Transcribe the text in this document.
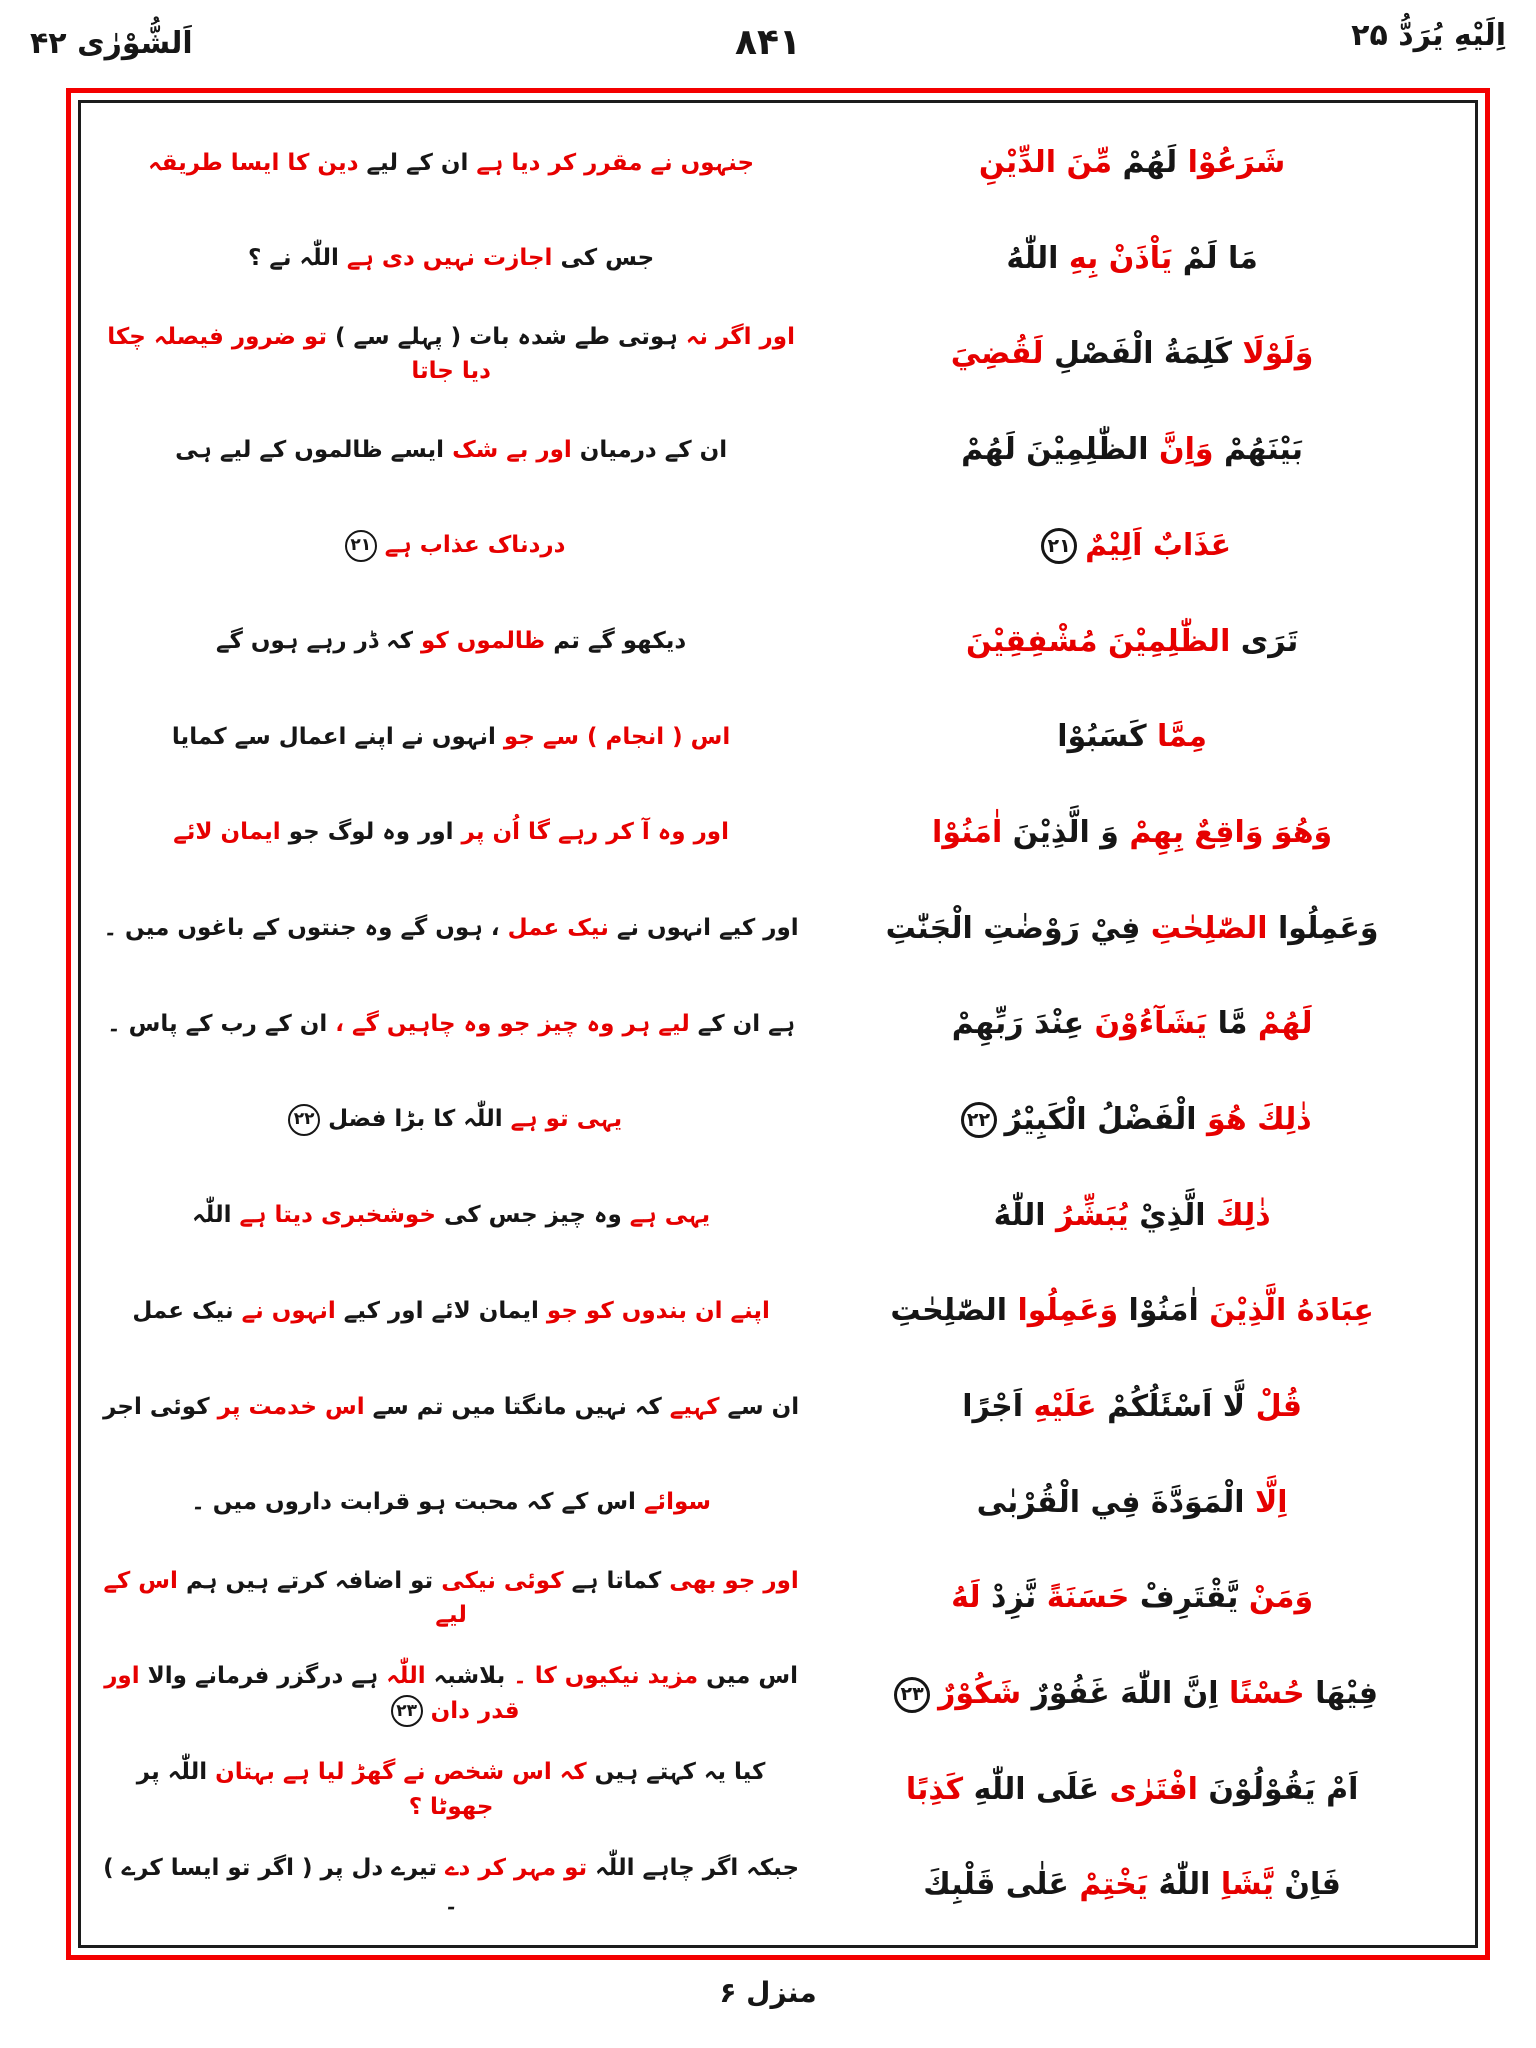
اَلشُّوْرٰى ۴۲	۸۴۱	اِلَيْهِ يُرَدُّ ۲۵
جنہوں نے مقرر کر دیا ہے ان کے لیے دین کا ایسا طریقہ	شَرَعُوْا لَهُمْ مِّنَ الدِّيْنِ
جس کی اجازت نہیں دی ہے اللّٰہ نے ؟	مَا لَمْ يَاْذَنْ بِهِ اللّٰهُ
اور اگر نہ ہوتی طے شدہ بات ( پہلے سے ) تو ضرور فیصلہ چکا دیا جاتا	وَلَوْلَا كَلِمَةُ الْفَصْلِ لَقُضِيَ
ان کے درمیان اور بے شک ایسے ظالموں کے لیے ہی	بَيْنَهُمْ وَاِنَّ الظّٰلِمِيْنَ لَهُمْ
دردناک عذاب ہے۲۱	عَذَابٌ اَلِيْمٌ۲۱
دیکھو گے تم ظالموں کو کہ ڈر رہے ہوں گے	تَرَى الظّٰلِمِيْنَ مُشْفِقِيْنَ
اس ( انجام ) سے جو انہوں نے اپنے اعمال سے کمایا	مِمَّا كَسَبُوْا
اور وہ آ کر رہے گا اُن پر اور وہ لوگ جو ایمان لائے	وَهُوَ وَاقِعٌ بِهِمْ وَ الَّذِيْنَ اٰمَنُوْا
اور کیے انہوں نے نیک عمل ، ہوں گے وہ جنتوں کے باغوں میں ۔	وَعَمِلُوا الصّٰلِحٰتِ فِيْ رَوْضٰتِ الْجَنّٰتِ
ہے ان کے لیے ہر وہ چیز جو وہ چاہیں گے ، ان کے رب کے پاس ۔	لَهُمْ مَّا يَشَآءُوْنَ عِنْدَ رَبِّهِمْ
یہی تو ہے اللّٰہ کا بڑا فضل۲۲	ذٰلِكَ هُوَ الْفَضْلُ الْكَبِيْرُ۲۲
یہی ہے وہ چیز جس کی خوشخبری دیتا ہے اللّٰہ	ذٰلِكَ الَّذِيْ يُبَشِّرُ اللّٰهُ
اپنے ان بندوں کو جو ایمان لائے اور کیے انہوں نے نیک عمل	عِبَادَهُ الَّذِيْنَ اٰمَنُوْا وَعَمِلُوا الصّٰلِحٰتِ
ان سے کہیے کہ نہیں مانگتا میں تم سے اس خدمت پر کوئی اجر	قُلْ لَّا اَسْئَلُكُمْ عَلَيْهِ اَجْرًا
سوائے اس کے کہ محبت ہو قرابت داروں میں ۔	اِلَّا الْمَوَدَّةَ فِي الْقُرْبٰى
اور جو بھی کماتا ہے کوئی نیکی تو اضافہ کرتے ہیں ہم اس کے لیے	وَمَنْ يَّقْتَرِفْ حَسَنَةً نَّزِدْ لَهُ
اس میں مزید نیکیوں کا ۔ بلاشبہ اللّٰہ ہے درگزر فرمانے والا اور قدر دان۲۳	فِيْهَا حُسْنًا اِنَّ اللّٰهَ غَفُوْرٌ شَكُوْرٌ۲۳
کیا یہ کہتے ہیں کہ اس شخص نے گھڑ لیا ہے بہتان اللّٰہ پر جھوٹا ؟	اَمْ يَقُوْلُوْنَ افْتَرٰى عَلَى اللّٰهِ كَذِبًا
جبکہ اگر چاہے اللّٰہ تو مہر کر دے تیرے دل پر ( اگر تو ایسا کرے ) ۔	فَاِنْ يَّشَاِ اللّٰهُ يَخْتِمْ عَلٰى قَلْبِكَ
منزل ۶
